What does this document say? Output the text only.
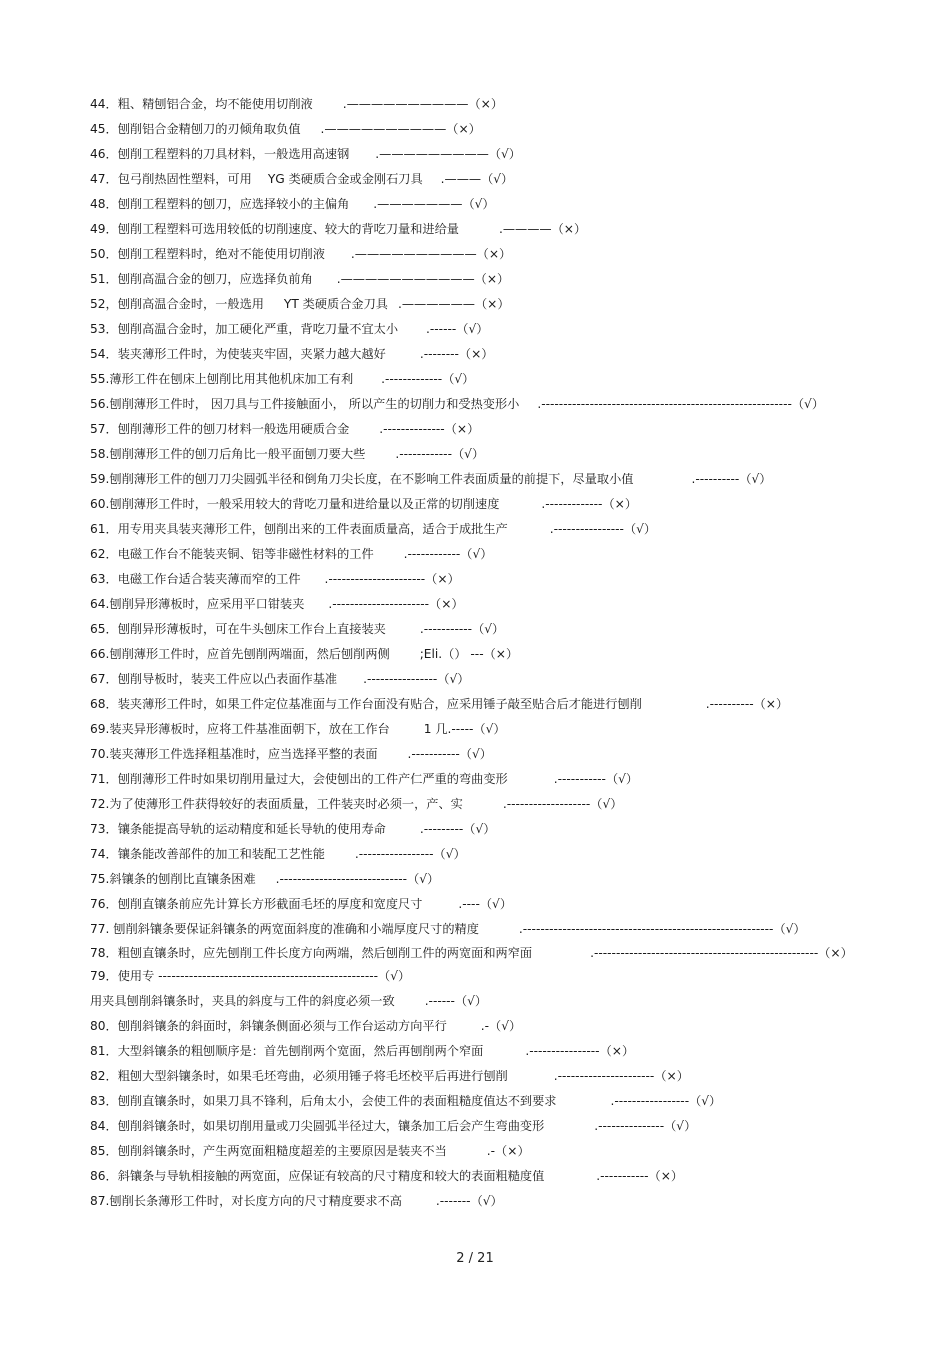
44．粗、精刨铝合金，均不能使用切削液 .——————————（×）
45．刨削铝合金精刨刀的刃倾角取负值 .——————————（×）
46．刨削工程塑料的刀具材料，一般选用高速钢 .—————————（√）
47．包弓削热固性塑料，可用 　YG 类硬质合金或金刚石刀具 .———（√）
48．刨削工程塑料的刨刀，应选择较小的主偏角 .———————（√）
49．刨削工程塑料可选用较低的切削速度、较大的背吃刀量和进给量	.————（×）
50．刨削工程塑料时，绝对不能使用切削液 .——————————（×）
51．刨削高温合金的刨刀，应选择负前角 .———————————（×）
52，刨削高温合金时，一般选用 　 YT 类硬质合金刀具 .——————（×）
53．刨削高温合金时，加工硬化严重，背吃刀量不宜太小 .------（√）
54．装夹薄形工件时，为使装夹牢固，夹紧力越大越好	.--------（×）
55.薄形工件在刨床上刨削比用其他机床加工有利 .-------------（√）
56.刨削薄形工件时， 因刀具与工件接触面小， 所以产生的切削力和受热变形小 .---------------------------------------------------------（√）
57．刨削薄形工件的刨刀材料一般选用硬质合金 .--------------（×）
58.刨削薄形工件的刨刀后角比一般平面刨刀要大些 .------------（√）
59.刨削薄形工件的刨刀刀尖圆弧半径和倒角刀尖长度，在不影响工件表面质量的前提下，尽量取小值	.----------（√）
60.刨削薄形工件时，一般采用较大的背吃刀量和进给量以及正常的切削速度	.-------------（×）
61．用专用夹具装夹薄形工件，刨削出来的工件表面质量高，适合于成批生产	.----------------（√）
62．电磁工作台不能装夹铜、铝等非磁性材料的工件 .------------（√）
63．电磁工作台适合装夹薄而窄的工件 .----------------------（×）
64.刨削异形薄板时，应采用平口钳装夹 .----------------------（×）
65．刨削异形薄板时，可在牛头刨床工作台上直接装夹	.-----------（√）
66.刨削薄形工件时，应首先刨削两端面，然后刨削两侧 ;Eli.（） ---（×）
67．刨削导板时，装夹工件应以凸表面作基准 .----------------（√）
68．装夹薄形工件时，如果工件定位基准面与工作台面没有贴合，应采用锤子敲至贴合后才能进行刨削	.----------（×）
69.装夹异形薄板时，应将工件基准面朝下，放在工作台	1 几.-----（√）
70.装夹薄形工件选择粗基准时，应当选择平整的表面 .-----------（√）
71．刨削薄形工件时如果切削用量过大，会使刨出的工件产仁严重的弯曲变形	.-----------（√）
72.为了使薄形工件获得较好的表面质量，工件装夹时必须一，产、实	.-------------------（√）
73．镶条能提高导轨的运动精度和延长导轨的使用寿命	.---------（√）
74．镶条能改善部件的加工和装配工艺性能 .-----------------（√）
75.斜镶条的刨削比直镶条困难 .-----------------------------（√）
76．刨削直镶条前应先计算长方形截面毛坯的厚度和宽度尺寸	.----（√）
77. 刨削斜镶条要保证斜镶条的两宽面斜度的准确和小端厚度尺寸的精度	.---------------------------------------------------------（√）
78．粗刨直镶条时，应先刨削工件长度方向两端，然后刨削工件的两宽面和两窄面	.---------------------------------------------------（×）
79．使用专 --------------------------------------------------（√）
用夹具刨削斜镶条时，夹具的斜度与工件的斜度必须一致 .------（√）
80．刨削斜镶条的斜面时，斜镶条侧面必须与工作台运动方向平行	.-（√）
81．大型斜镶条的粗刨顺序是：首先刨削两个宽面，然后再刨削两个窄面	.----------------（×）
82．粗刨大型斜镶条时，如果毛坯弯曲，必须用锤子将毛坯校平后再进行刨削	.----------------------（×）
83．刨削直镶条时，如果刀具不锋利，后角太小，会使工件的表面粗糙度值达不到要求	.-----------------（√）
84．刨削斜镶条时，如果切削用量或刀尖圆弧半径过大，镶条加工后会产生弯曲变形	.---------------（√）
85．刨削斜镶条时，产生两宽面粗糙度超差的主要原因是装夹不当	.-（×）
86．斜镶条与导轨相接触的两宽面，应保证有较高的尺寸精度和较大的表面粗糙度值	.-----------（×）
87.刨削长条薄形工件时，对长度方向的尺寸精度要求不高	.-------（√）
2 / 21
